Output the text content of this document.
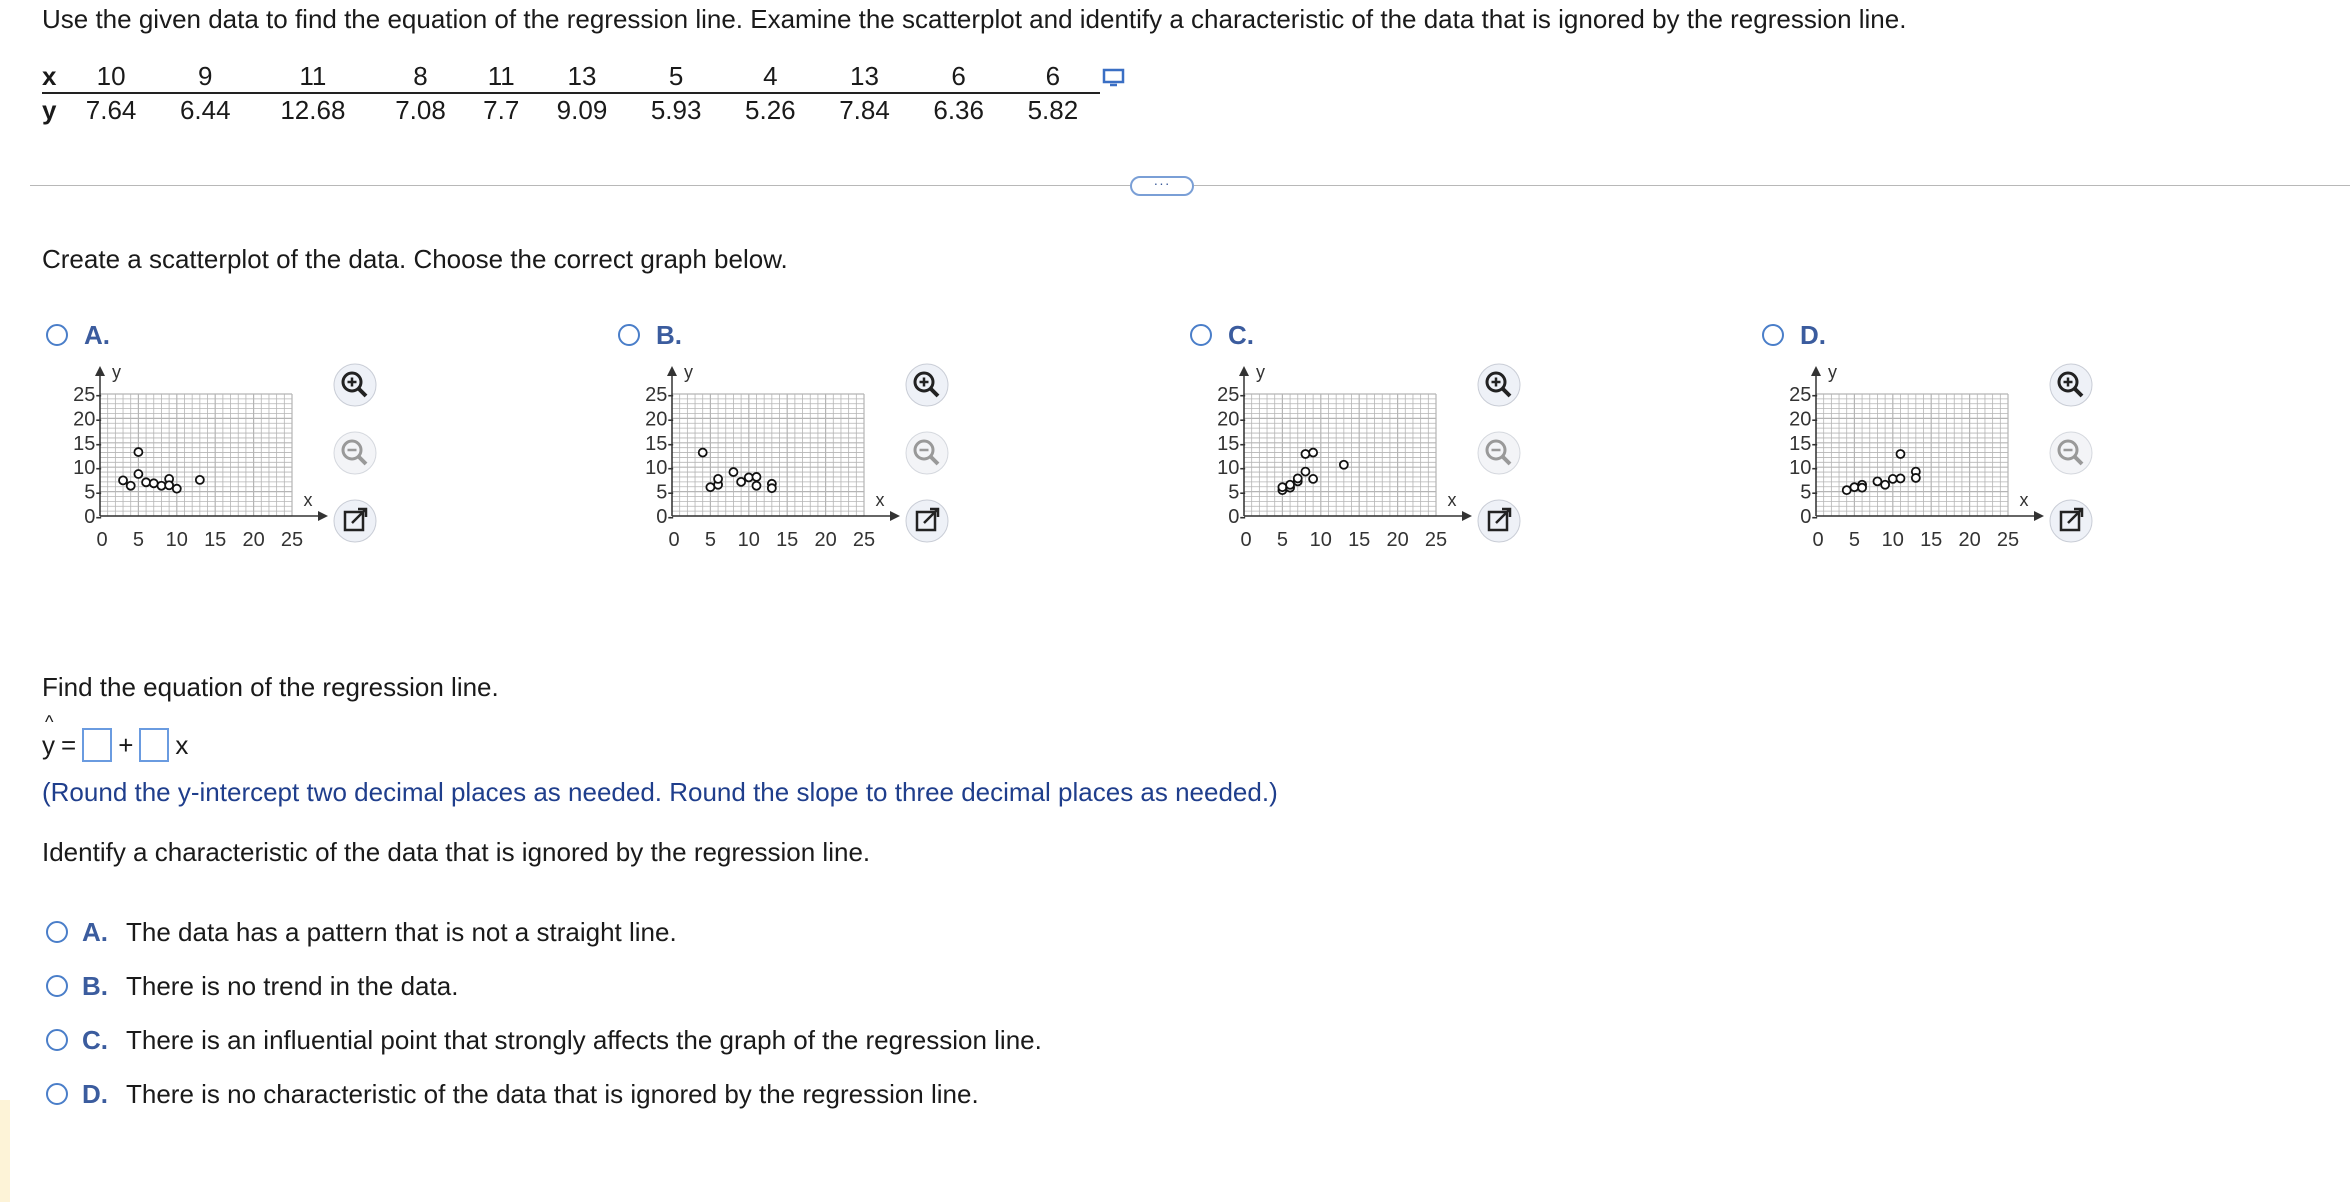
Use the given data to find the equation of the regression line. Examine the scatterplot and identify a characteristic of the data that is ignored by the regression line.
x	10	9	11	8	11	13	5	4	13	6	6
y	7.64	6.44	12.68	7.08	7.7	9.09	5.93	5.26	7.84	6.36	5.82
···
Create a scatterplot of the data. Choose the correct graph below.
A.
x
y
0 5 10 15 20 25
0-
5-
10-
15-
20-
25-
B.
x
y
0 5 10 15 20 25
0-
5-
10-
15-
20-
25-
C.
x
y
0 5 10 15 20 25
0-
5-
10-
15-
20-
25-
D.
x
y
0 5 10 15 20 25
0-
5-
10-
15-
20-
25-
Find the equation of the regression line.
^
y = + x
(Round the y-intercept two decimal places as needed. Round the slope to three decimal places as needed.)
Identify a characteristic of the data that is ignored by the regression line.
A. The data has a pattern that is not a straight line.
B. There is no trend in the data.
C. There is an influential point that strongly affects the graph of the regression line.
D. There is no characteristic of the data that is ignored by the regression line.
